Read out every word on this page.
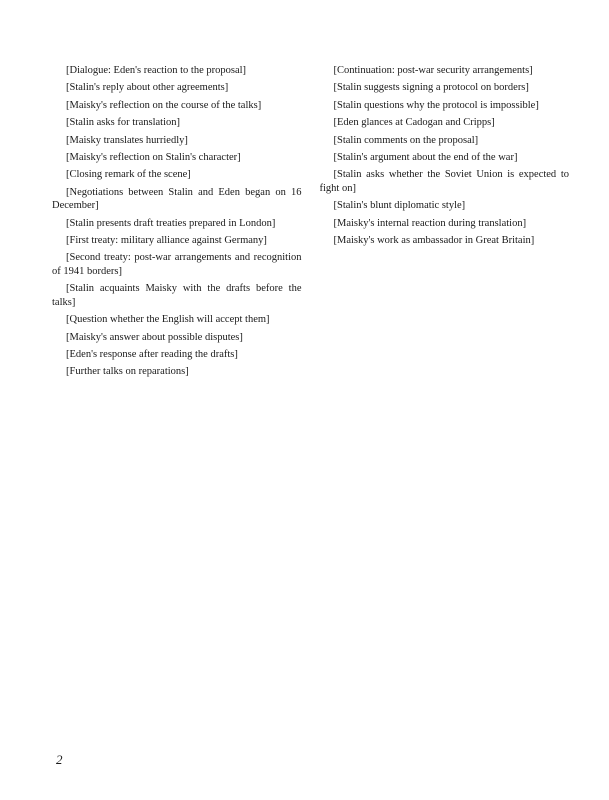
[Dialogue: Eden's reaction to the proposal]

[Stalin's reply about other agreements]

[Maisky's reflection on the course of the talks]

[Stalin asks for translation]

[Maisky translates hurriedly]

[Maisky's reflection on Stalin's character]

[Closing remark of the scene]

[Negotiations between Stalin and Eden began on 16 December]

[Stalin presents draft treaties prepared in London]

[First treaty: military alliance against Germany]

[Second treaty: post-war arrangements and recognition of 1941 borders]

[Stalin acquaints Maisky with the drafts before the talks]

[Question whether the English will accept them]

[Maisky's answer about possible disputes]

[Eden's response after reading the drafts]

[Further talks on reparations]

[Continuation: post-war security arrangements]

[Stalin suggests signing a protocol on borders]

[Stalin questions why the protocol is impossible]

[Eden glances at Cadogan and Cripps]

[Stalin comments on the proposal]

[Stalin's argument about the end of the war]

[Stalin asks whether the Soviet Union is expected to fight on]

[Stalin's blunt diplomatic style]

[Maisky's internal reaction during translation]

[Maisky's work as ambassador in Great Britain]

2
